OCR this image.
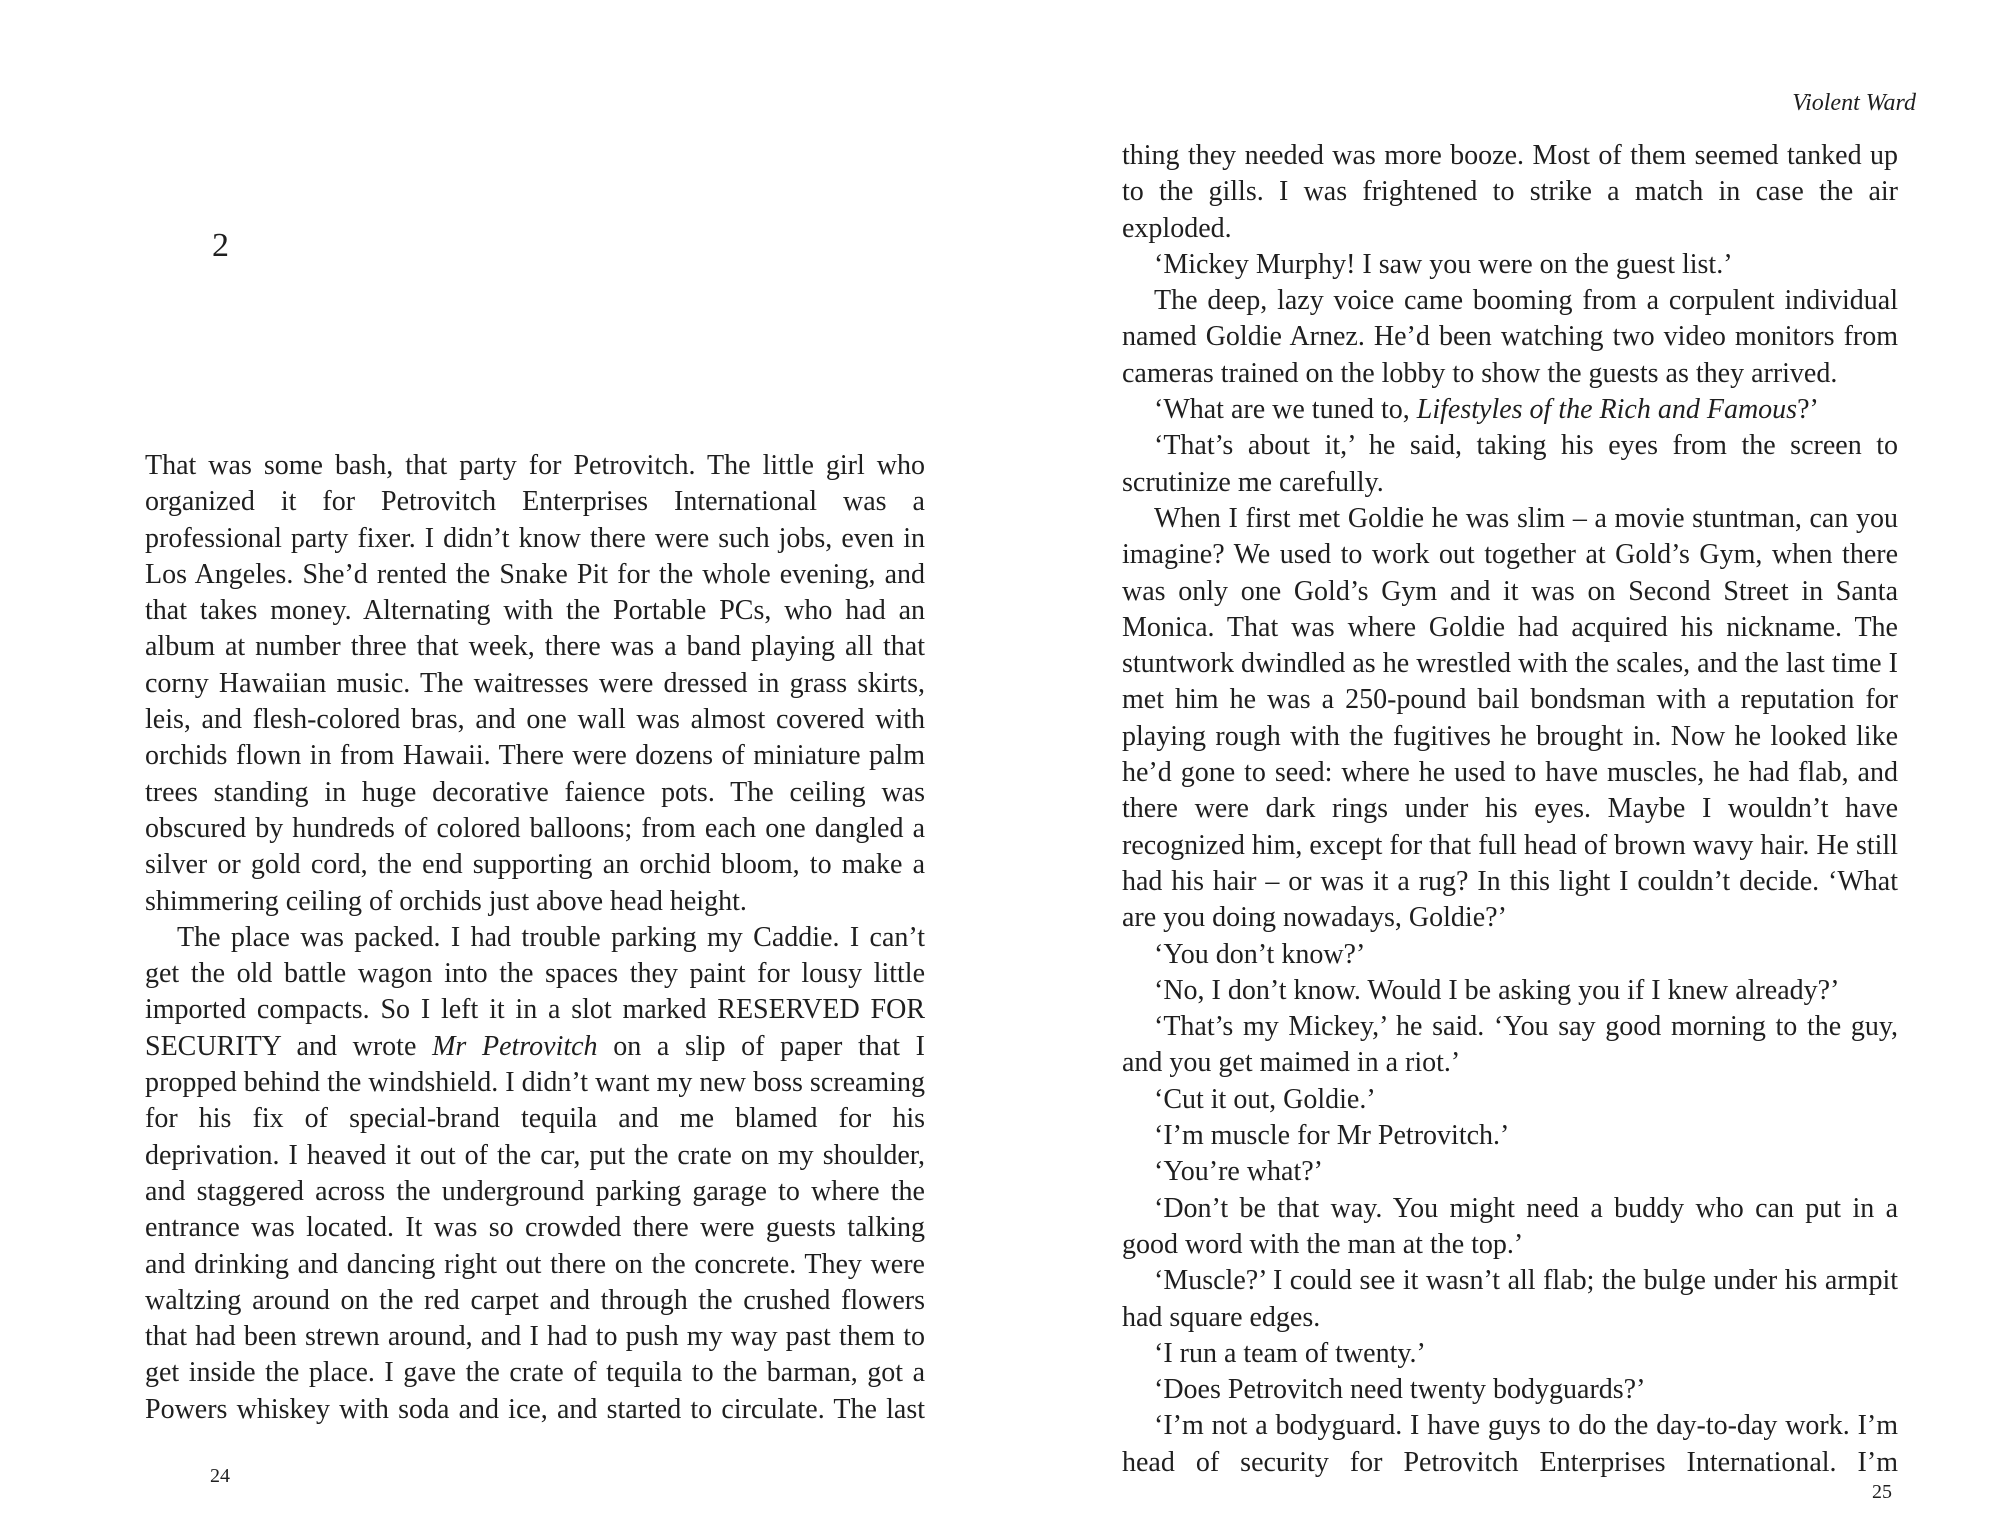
2

That was some bash, that party for Petrovitch. The little girl who organized it for Petrovitch Enterprises International was a professional party fixer. I didn’t know there were such jobs, even in Los Angeles. She’d rented the Snake Pit for the whole evening, and that takes money. Alternating with the Portable PCs, who had an album at number three that week, there was a band playing all that corny Hawaiian music. The waitresses were dressed in grass skirts, leis, and flesh-colored bras, and one wall was almost covered with orchids flown in from Hawaii. There were dozens of miniature palm trees standing in huge decorative faience pots. The ceiling was obscured by hundreds of colored balloons; from each one dangled a silver or gold cord, the end supporting an orchid bloom, to make a shimmering ceiling of orchids just above head height.

The place was packed. I had trouble parking my Caddie. I can’t get the old battle wagon into the spaces they paint for lousy little imported compacts. So I left it in a slot marked RESERVED FOR SECURITY and wrote Mr Petrovitch on a slip of paper that I propped behind the windshield. I didn’t want my new boss screaming for his fix of special-brand tequila and me blamed for his deprivation. I heaved it out of the car, put the crate on my shoulder, and staggered across the underground parking garage to where the entrance was located. It was so crowded there were guests talking and drinking and dancing right out there on the concrete. They were waltzing around on the red carpet and through the crushed flowers that had been strewn around, and I had to push my way past them to get inside the place. I gave the crate of tequila to the barman, got a Powers whiskey with soda and ice, and started to circulate. The last

24
Violent Ward

thing they needed was more booze. Most of them seemed tanked up to the gills. I was frightened to strike a match in case the air exploded.

‘Mickey Murphy! I saw you were on the guest list.’

The deep, lazy voice came booming from a corpulent individual named Goldie Arnez. He’d been watching two video monitors from cameras trained on the lobby to show the guests as they arrived.

‘What are we tuned to, Lifestyles of the Rich and Famous?’

‘That’s about it,’ he said, taking his eyes from the screen to scrutinize me carefully.

When I first met Goldie he was slim – a movie stuntman, can you imagine? We used to work out together at Gold’s Gym, when there was only one Gold’s Gym and it was on Second Street in Santa Monica. That was where Goldie had acquired his nickname. The stuntwork dwindled as he wrestled with the scales, and the last time I met him he was a 250-pound bail bondsman with a reputation for playing rough with the fugitives he brought in. Now he looked like he’d gone to seed: where he used to have muscles, he had flab, and there were dark rings under his eyes. Maybe I wouldn’t have recognized him, except for that full head of brown wavy hair. He still had his hair – or was it a rug? In this light I couldn’t decide. ‘What are you doing nowadays, Goldie?’

‘You don’t know?’

‘No, I don’t know. Would I be asking you if I knew already?’

‘That’s my Mickey,’ he said. ‘You say good morning to the guy, and you get maimed in a riot.’

‘Cut it out, Goldie.’

‘I’m muscle for Mr Petrovitch.’

‘You’re what?’

‘Don’t be that way. You might need a buddy who can put in a good word with the man at the top.’

‘Muscle?’ I could see it wasn’t all flab; the bulge under his armpit had square edges.

‘I run a team of twenty.’

‘Does Petrovitch need twenty bodyguards?’

‘I’m not a bodyguard. I have guys to do the day-to-day work. I’m head of security for Petrovitch Enterprises International. I’m

25
